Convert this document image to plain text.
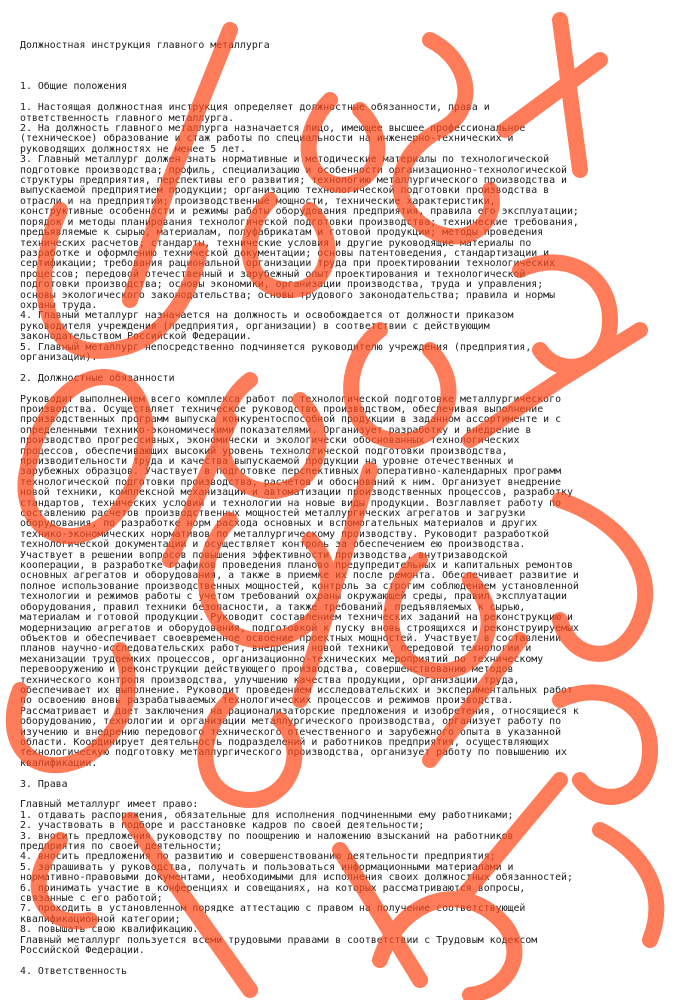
Должностная инструкция главного металлурга

1. Общие положения
1. Настоящая должностная инструкция определяет должностные обязанности, права и
ответственность главного металлурга.
2. На должность главного металлурга назначается лицо, имеющее высшее профессиональное
(техническое) образование и стаж работы по специальности на инженерно-технических и
руководящих должностях не менее 5 лет.
3. Главный металлург должен знать нормативные и методические материалы по технологической
подготовке производства; профиль, специализацию и особенности организационно-технологической
структуры предприятия, перспективы его развития; технологию металлургического производства и
выпускаемой предприятием продукции; организацию технологической подготовки производства в
отрасли и на предприятии; производственные мощности, технические характеристики,
конструктивные особенности и режимы работы оборудования предприятия, правила его эксплуатации;
порядок и методы планирования технологической подготовки производства; технические требования,
предъявляемые к сырью, материалам, полуфабрикатам и готовой продукции; методы проведения
технических расчетов; стандарты, технические условия и другие руководящие материалы по
разработке и оформлению технической документации; основы патентоведения, стандартизации и
сертификации; требования рациональной организации труда при проектировании технологических
процессов; передовой отечественный и зарубежный опыт проектирования и технологической
подготовки производства; основы экономики, организации производства, труда и управления;
основы экологического законодательства; основы трудового законодательства; правила и нормы
охраны труда.
4. Главный металлург назначается на должность и освобождается от должности приказом
руководителя учреждения (предприятия, организации) в соответствии с действующим
законодательством Российской Федерации.
5. Главный металлург непосредственно подчиняется руководителю учреждения (предприятия,
организации).
2. Должностные обязанности
Руководит выполнением всего комплекса работ по технологической подготовке металлургического
производства. Осуществляет техническое руководство производством, обеспечивая выполнение
производственных программ выпуска конкурентоспособной продукции в заданном ассортименте и с
определенными технико-экономическими показателями. Организует разработку и внедрение в
производство прогрессивных, экономически и экологически обоснованных технологических
процессов, обеспечивающих высокий уровень технологической подготовки производства,
производительности труда и качества выпускаемой продукции на уровне отечественных и
зарубежных образцов. Участвует в подготовке перспективных и оперативно-календарных программ
технологической подготовки производства, расчетов и обоснований к ним. Организует внедрение
новой техники, комплексной механизации и автоматизации производственных процессов, разработку
стандартов, технических условий и технологии на новые виды продукции. Возглавляет работу по
составлению расчетов производственных мощностей металлургических агрегатов и загрузки
оборудования, по разработке норм расхода основных и вспомогательных материалов и других
технико-экономических нормативов по металлургическому производству. Руководит разработкой
технологической документации и осуществляет контроль за обеспечением ею производства.
Участвует в решении вопросов повышения эффективности производства, внутризаводской
кооперации, в разработке графиков проведения планово предупредительных и капитальных ремонтов
основных агрегатов и оборудования, а также в приемке их после ремонта. Обеспечивает развитие и
полное использование производственных мощностей, контроль за строгим соблюдением установленной
технологии и режимов работы с учетом требований охраны окружающей среды, правил эксплуатации
оборудования, правил техники безопасности, а также требований, предъявляемых к сырью,
материалам и готовой продукции. Руководит составлением технических заданий на реконструкцию и
модернизацию агрегатов и оборудования, подготовкой к пуску вновь строящихся и реконструируемых
объектов и обеспечивает своевременное освоение проектных мощностей. Участвует в составлении
планов научно-исследовательских работ, внедрения новой техники, передовой технологии и
механизации трудоемких процессов, организационно-технических мероприятий по техническому
перевооружению и реконструкции действующего производства, совершенствованию методов
технического контроля производства, улучшению качества продукции, организации труда,
обеспечивает их выполнение. Руководит проведением исследовательских и экспериментальных работ
по освоению вновь разрабатываемых технологических процессов и режимов производства.
Рассматривает и дает заключения на рационализаторские предложения и изобретения, относящиеся к
оборудованию, технологии и организации металлургического производства, организует работу по
изучению и внедрению передового технического отечественного и зарубежного опыта в указанной
области. Координирует деятельность подразделений и работников предприятия, осуществляющих
технологическую подготовку металлургического производства, организует работу по повышению их
квалификации.
3. Права
Главный металлург имеет право:
1. отдавать распоряжения, обязательные для исполнения подчиненными ему работниками;
2. участвовать в подборе и расстановке кадров по своей деятельности;
3. вносить предложения руководству по поощрению и наложению взысканий на работников
предприятия по своей деятельности;
4. вносить предложения по развитию и совершенствованию деятельности предприятия;
5. запрашивать у руководства, получать и пользоваться информационными материалами и
нормативно-правовыми документами, необходимыми для исполнения своих должностных обязанностей;
6. принимать участие в конференциях и совещаниях, на которых рассматриваются вопросы,
связанные с его работой;
7. проходить в установленном порядке аттестацию с правом на получение соответствующей
квалификационной категории;
8. повышать свою квалификацию.
Главный металлург пользуется всеми трудовыми правами в соответствии с Трудовым кодексом
Российской Федерации.
4. Ответственность
